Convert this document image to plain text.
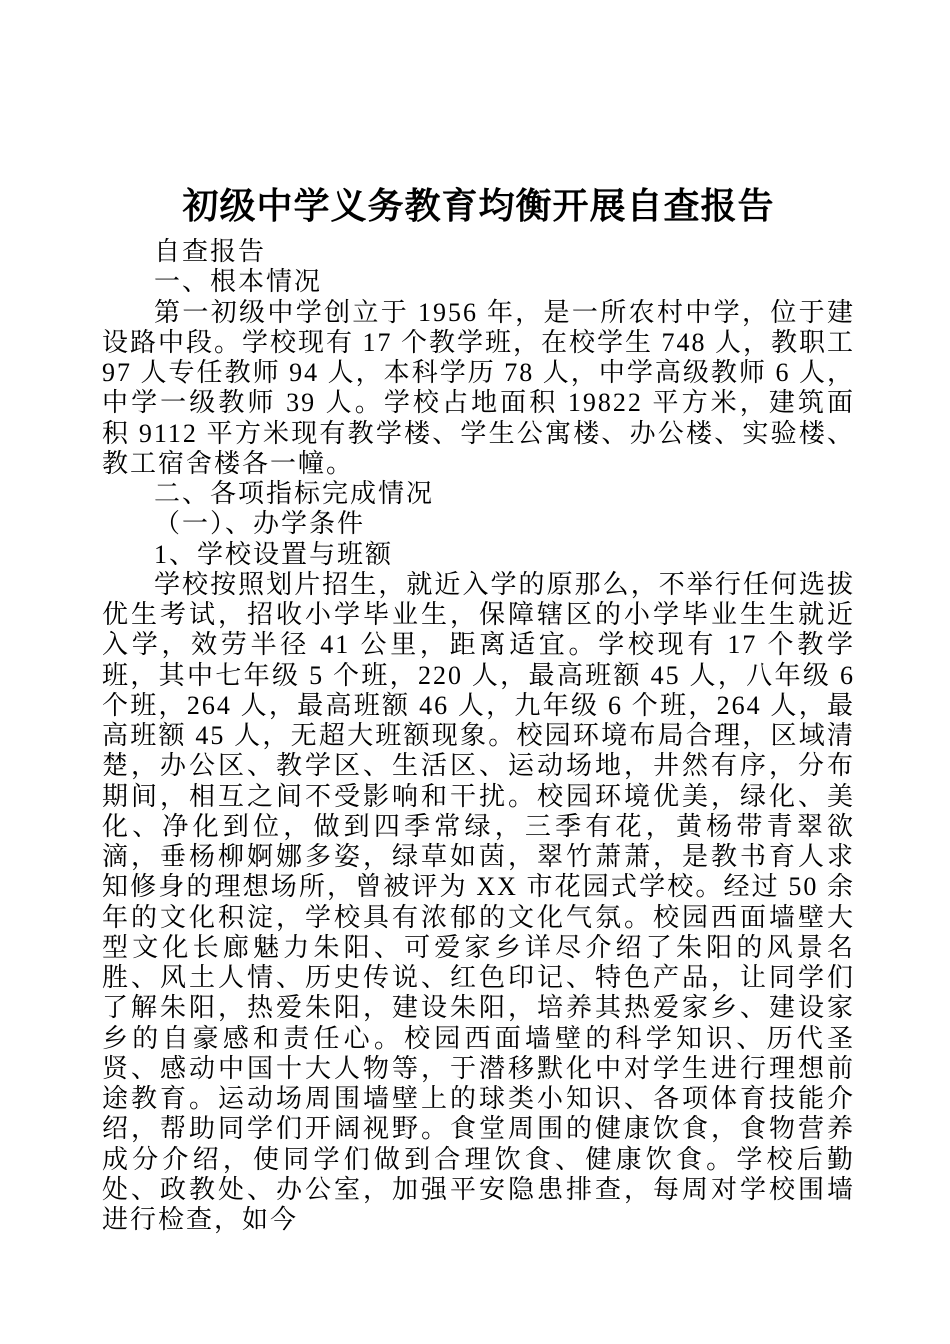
初级中学义务教育均衡开展自查报告

自查报告

一、根本情况

第一初级中学创立于 1956 年，是一所农村中学，位于建设路中段。学校现有 17 个教学班，在校学生 748 人，教职工 97 人专任教师 94 人，本科学历 78 人，中学高级教师 6 人，中学一级教师 39 人。学校占地面积 19822 平方米，建筑面积 9112 平方米现有教学楼、学生公寓楼、办公楼、实验楼、教工宿舍楼各一幢。

二、各项指标完成情况

（一）、办学条件

1、学校设置与班额

学校按照划片招生，就近入学的原那么，不举行任何选拔优生考试，招收小学毕业生，保障辖区的小学毕业生生就近入学，效劳半径 41 公里，距离适宜。学校现有 17 个教学班，其中七年级 5 个班，220 人，最高班额 45 人，八年级 6 个班，264 人，最高班额 46 人，九年级 6 个班，264 人，最高班额 45 人，无超大班额现象。校园环境布局合理，区域清楚，办公区、教学区、生活区、运动场地，井然有序，分布期间，相互之间不受影响和干扰。校园环境优美，绿化、美化、净化到位，做到四季常绿，三季有花，黄杨带青翠欲滴，垂杨柳婀娜多姿，绿草如茵，翠竹萧萧，是教书育人求知修身的理想场所，曾被评为 XX 市花园式学校。经过 50 余年的文化积淀，学校具有浓郁的文化气氛。校园西面墙壁大型文化长廊魅力朱阳、可爱家乡详尽介绍了朱阳的风景名胜、风土人情、历史传说、红色印记、特色产品，让同学们了解朱阳，热爱朱阳，建设朱阳，培养其热爱家乡、建设家乡的自豪感和责任心。校园西面墙壁的科学知识、历代圣贤、感动中国十大人物等，于潜移默化中对学生进行理想前途教育。运动场周围墙壁上的球类小知识、各项体育技能介绍，帮助同学们开阔视野。食堂周围的健康饮食，食物营养成分介绍，使同学们做到合理饮食、健康饮食。学校后勤处、政教处、办公室，加强平安隐患排查，每周对学校围墙进行检查，如今
